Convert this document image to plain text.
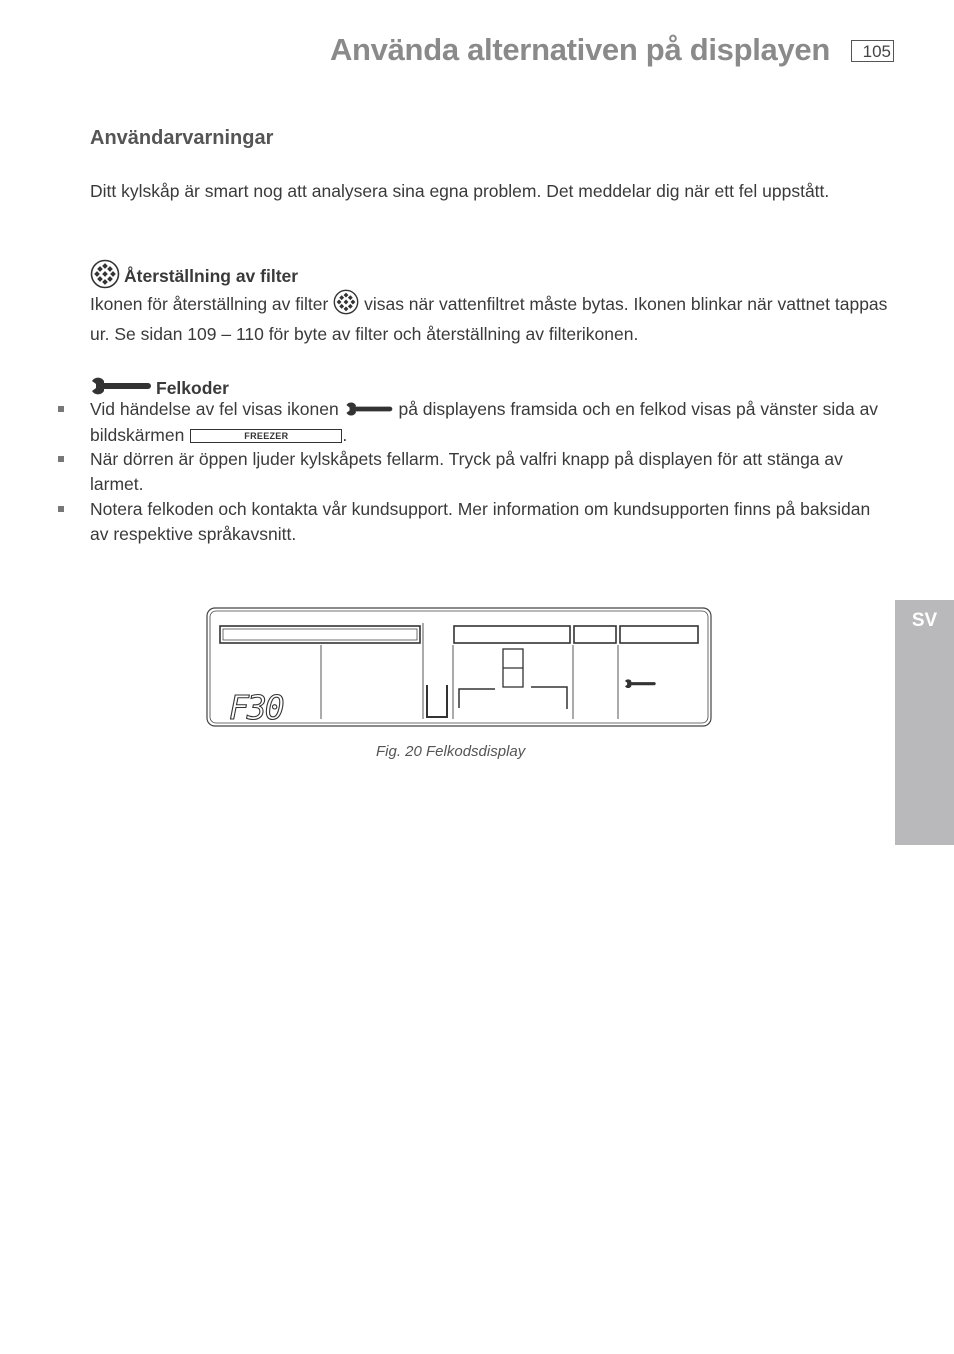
Använda alternativen på displayen	105
Användarvarningar
Ditt kylskåp är smart nog att analysera sina egna problem. Det meddelar dig när ett fel uppstått.
Återställning av filter
Ikonen för återställning av filter visas när vattenfiltret måste bytas. Ikonen blinkar när vattnet tappas ur. Se sidan 109 – 110 för byte av filter och återställning av filterikonen.
Felkoder
Vid händelse av fel visas ikonen	på displayens framsida och en felkod visas på vänster sida av bildskärmen	FREEZER	.
När dörren är öppen ljuder kylskåpets fellarm. Tryck på valfri knapp på displayen för att stänga av larmet.
Notera felkoden och kontakta vår kundsupport. Mer information om kundsupporten finns på baksidan av respektive språkavsnitt.
SV
F30
Fig. 20 Felkodsdisplay
